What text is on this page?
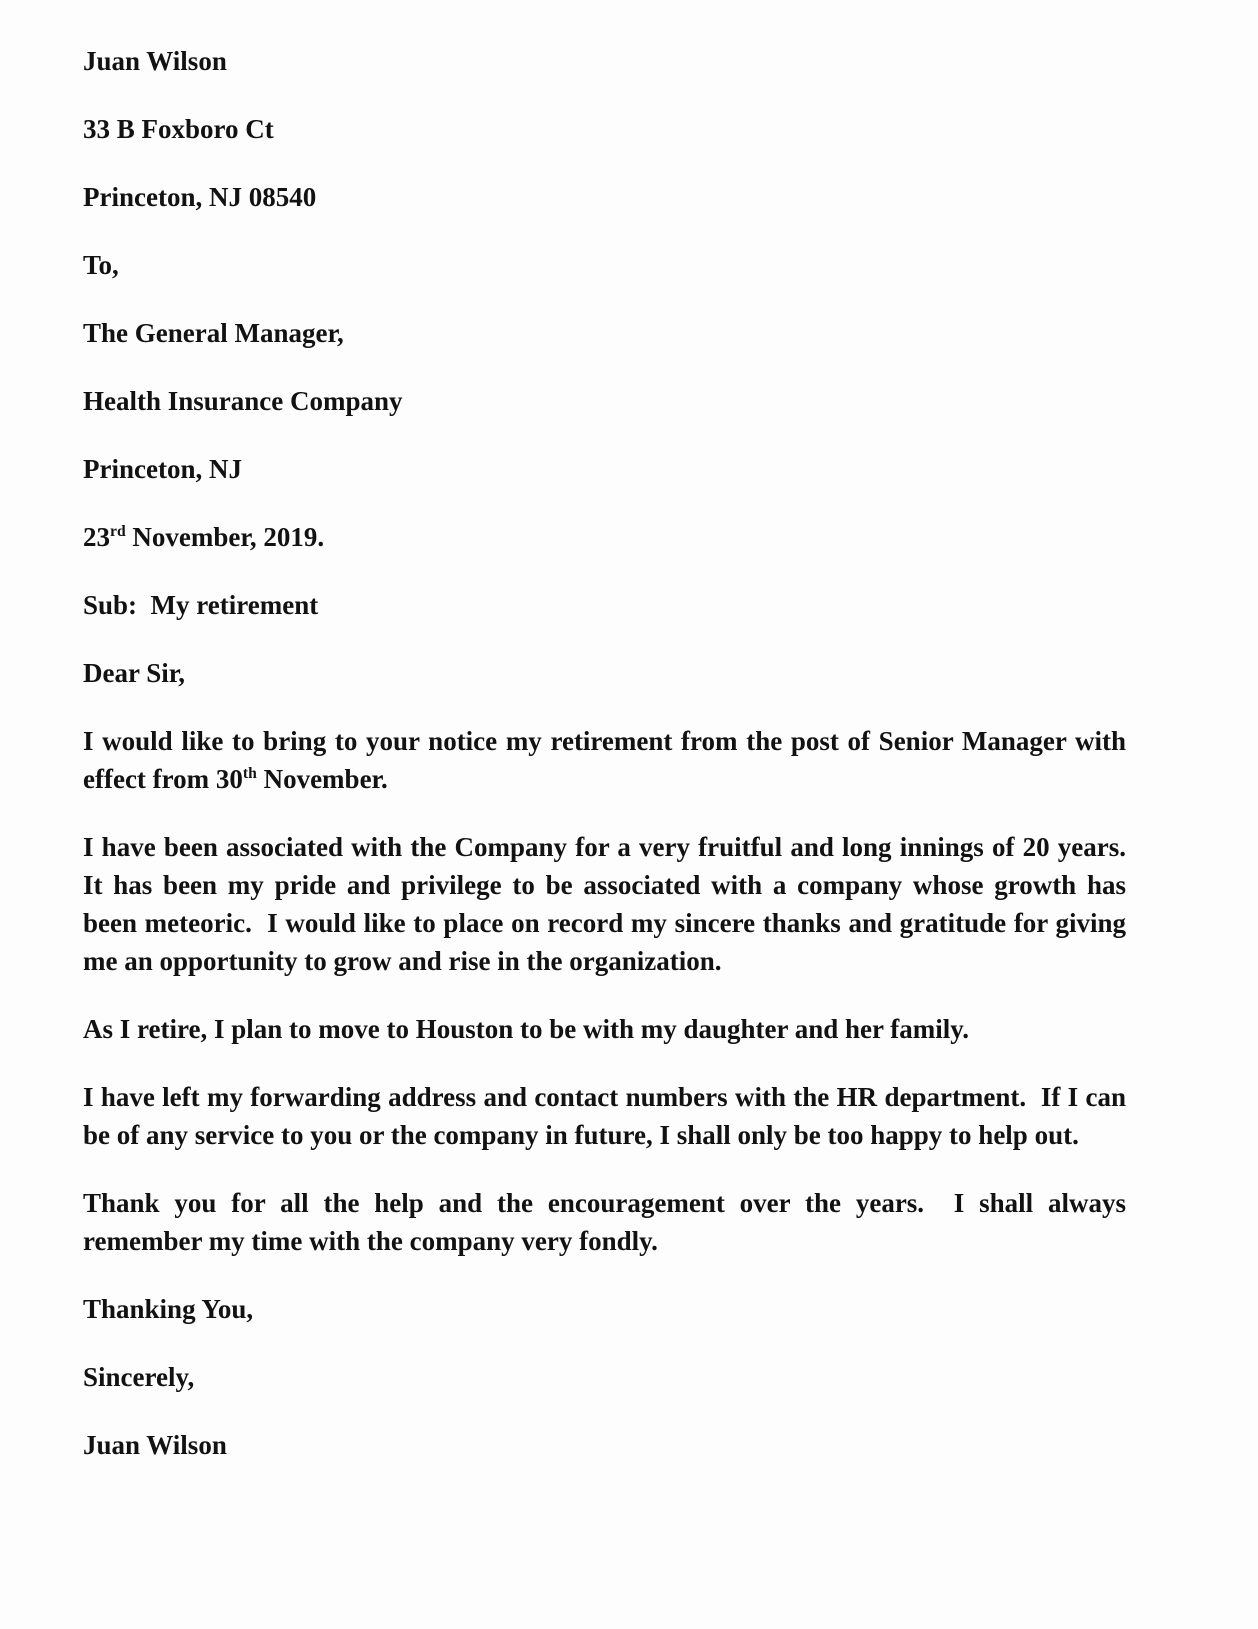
Juan Wilson

33 B Foxboro Ct

Princeton, NJ 08540

To,

The General Manager,

Health Insurance Company

Princeton, NJ

23rd November, 2019.

Sub:  My retirement

Dear Sir,

I would like to bring to your notice my retirement from the post of Senior Manager with effect from 30th November.

I have been associated with the Company for a very fruitful and long innings of 20 years.  It has been my pride and privilege to be associated with a company whose growth has been meteoric.  I would like to place on record my sincere thanks and gratitude for giving me an opportunity to grow and rise in the organization.

As I retire, I plan to move to Houston to be with my daughter and her family.

I have left my forwarding address and contact numbers with the HR department.  If I can be of any service to you or the company in future, I shall only be too happy to help out.

Thank you for all the help and the encouragement over the years.  I shall always remember my time with the company very fondly.

Thanking You,

Sincerely,

Juan Wilson
